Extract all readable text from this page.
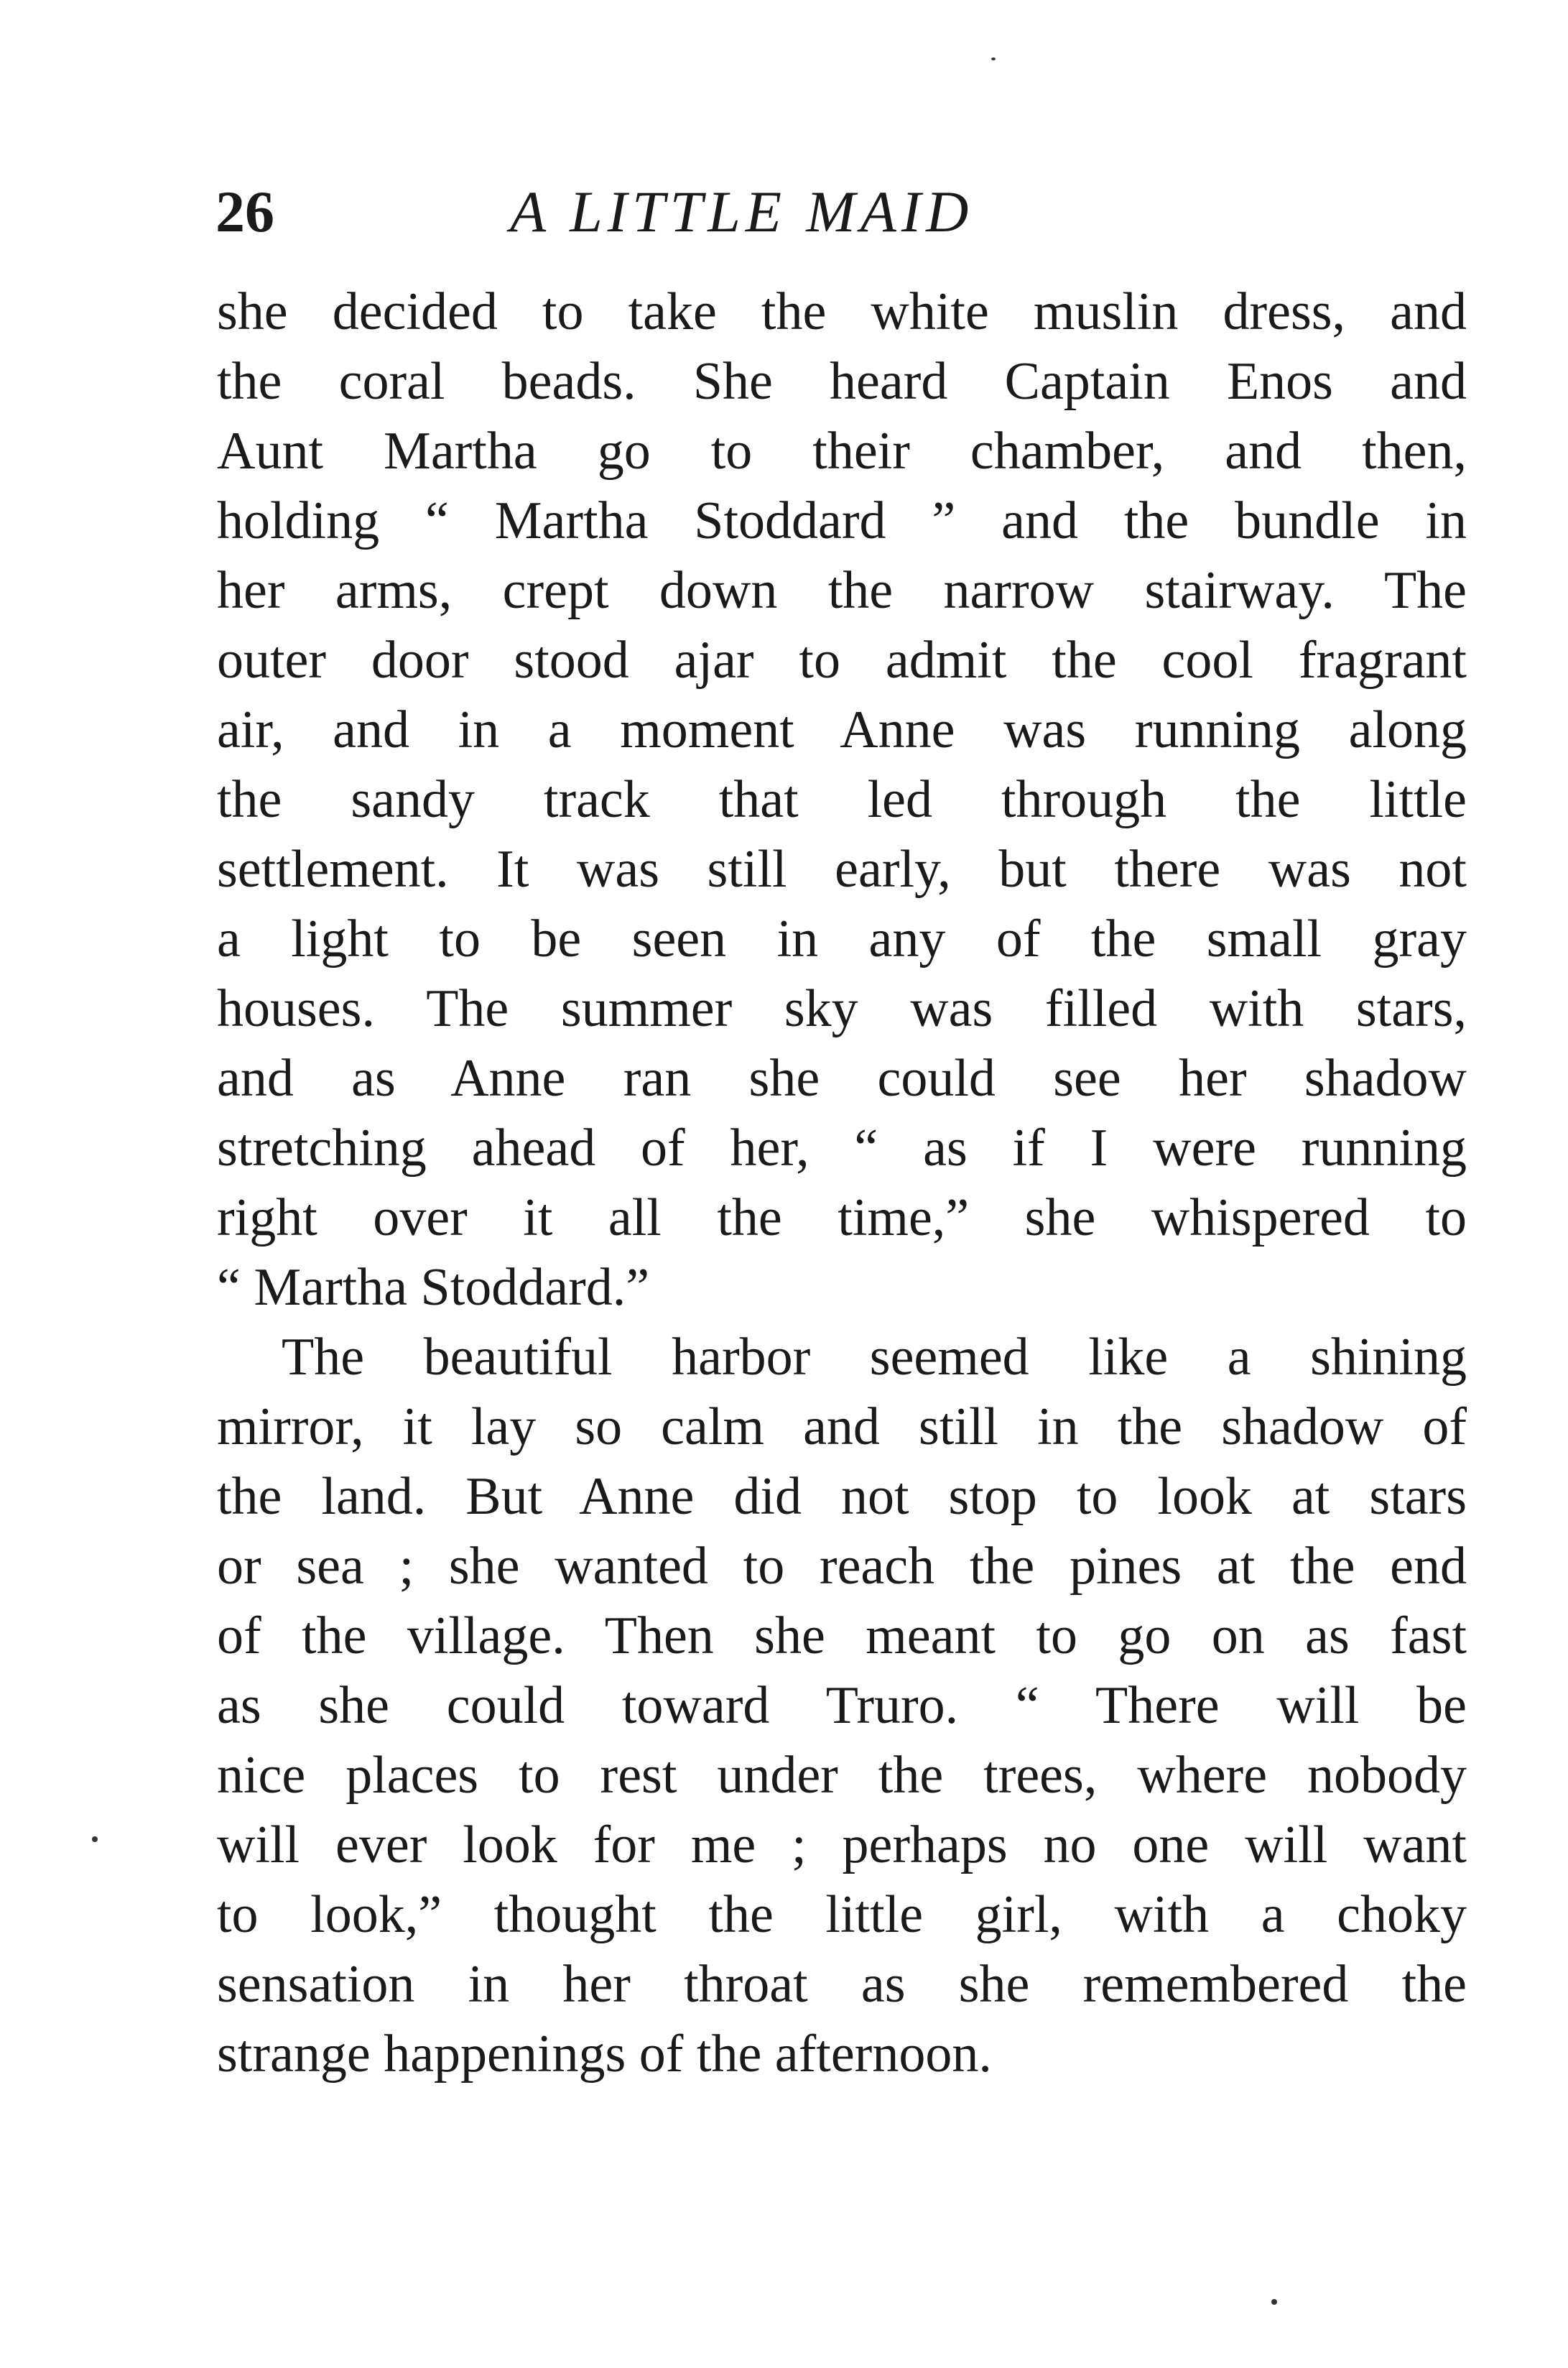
26	A LITTLE MAID
she decided to take the white muslin dress, and
the coral beads. She heard Captain Enos and
Aunt Martha go to their chamber, and then,
holding “ Martha Stoddard ” and the bundle in
her arms, crept down the narrow stairway. The
outer door stood ajar to admit the cool fragrant
air, and in a moment Anne was running along
the sandy track that led through the little
settlement. It was still early, but there was not
a light to be seen in any of the small gray
houses. The summer sky was filled with stars,
and as Anne ran she could see her shadow
stretching ahead of her, “ as if I were running
right over it all the time,” she whispered to
“ Martha Stoddard.”
The beautiful harbor seemed like a shining
mirror, it lay so calm and still in the shadow of
the land. But Anne did not stop to look at stars
or sea ; she wanted to reach the pines at the end
of the village. Then she meant to go on as fast
as she could toward Truro. “ There will be
nice places to rest under the trees, where nobody
will ever look for me ; perhaps no one will want
to look,” thought the little girl, with a choky
sensation in her throat as she remembered the
strange happenings of the afternoon.
